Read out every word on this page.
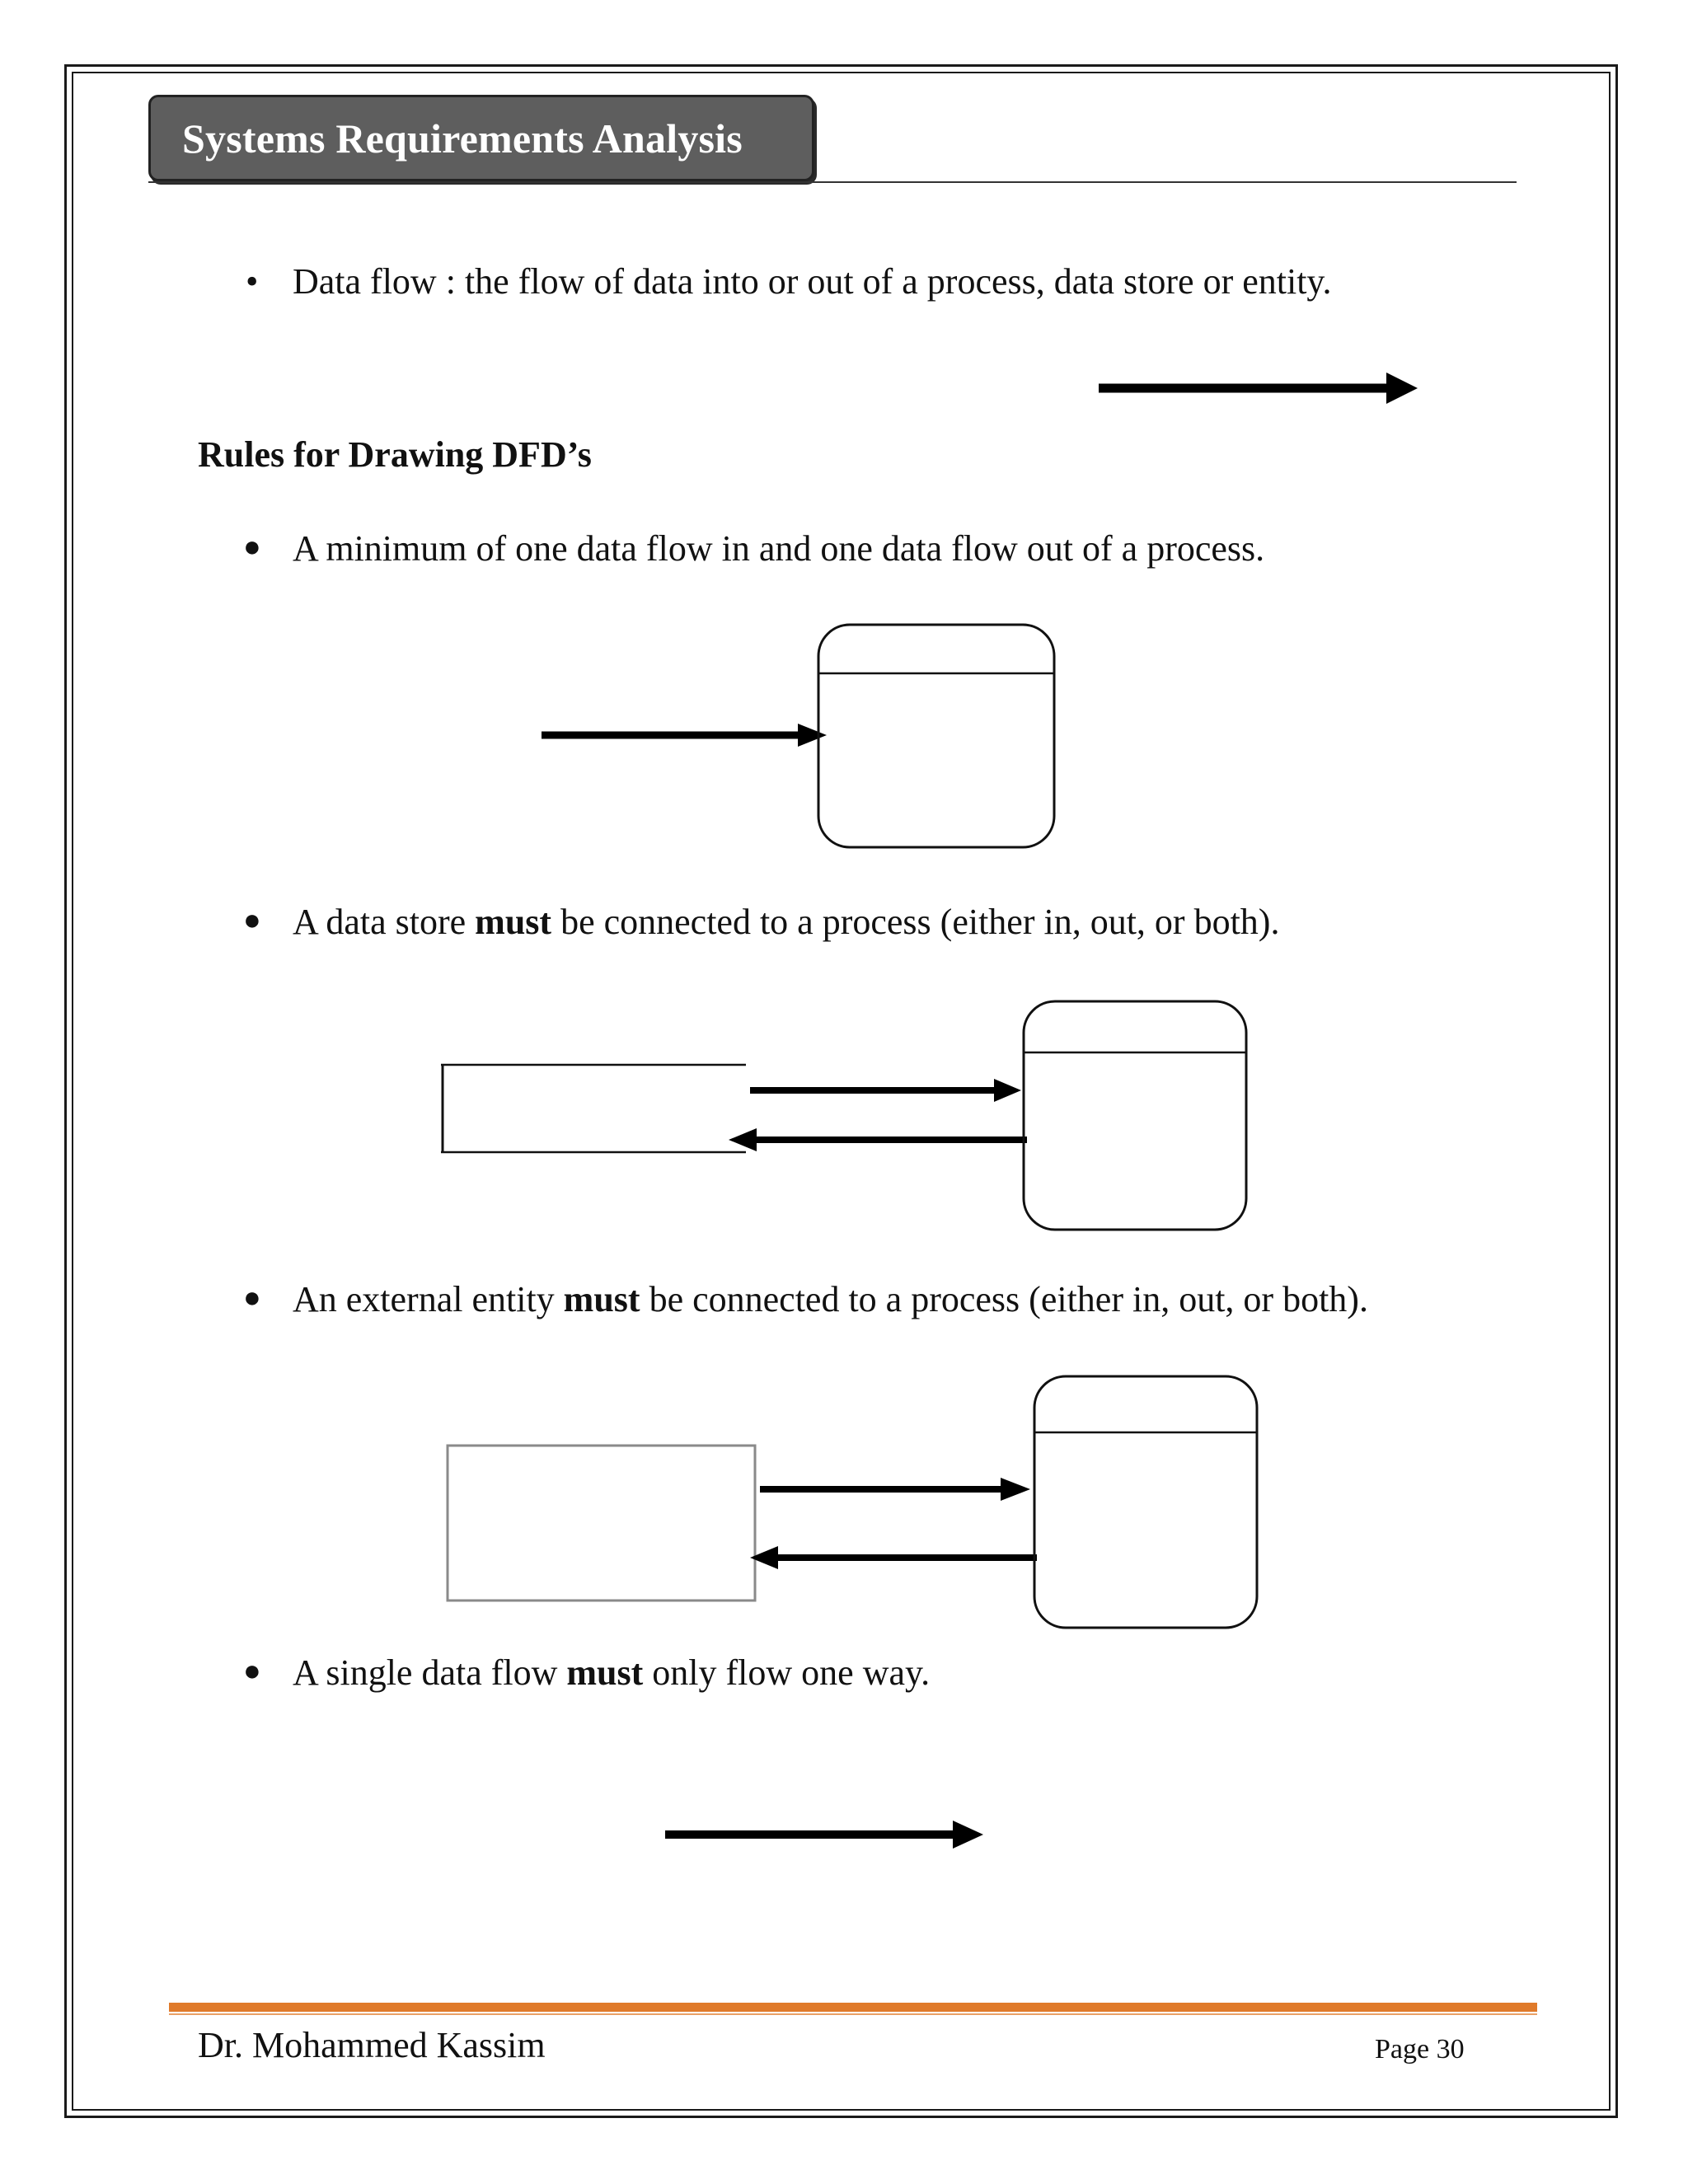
Systems Requirements Analysis
• Data flow : the flow of data into or out of a process, data store or entity.
Rules for Drawing DFD’s
● A minimum of one data flow in and one data flow out of a process.
● A data store must be connected to a process (either in, out, or both).
● An external entity must be connected to a process (either in, out, or both).
● A single data flow must only flow one way.
Dr. Mohammed Kassim	Page 30
